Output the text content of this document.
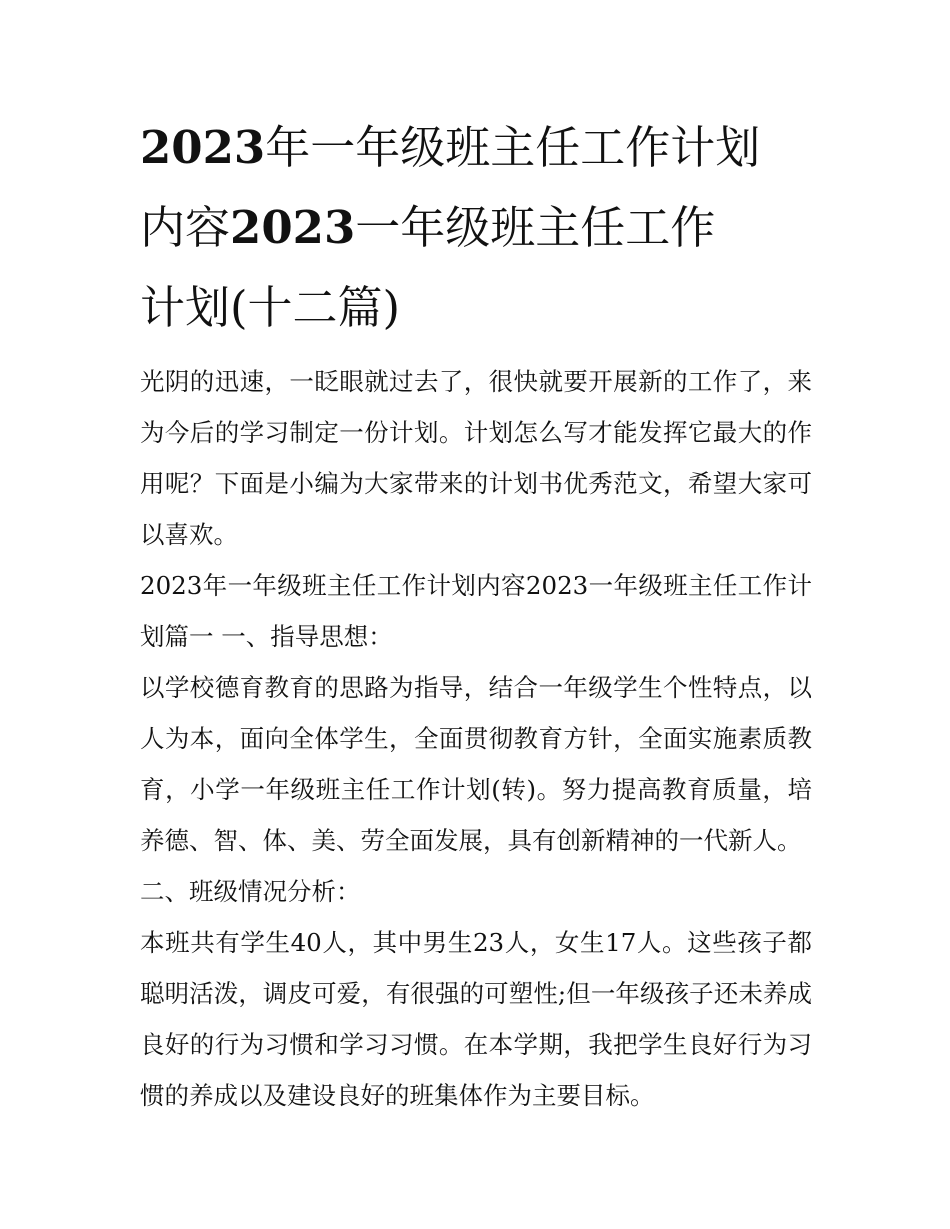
2023年一年级班主任工作计划
内容2023一年级班主任工作
计划(十二篇)

光阴的迅速，一眨眼就过去了，很快就要开展新的工作了，来为今后的学习制定一份计划。计划怎么写才能发挥它最大的作用呢？下面是小编为大家带来的计划书优秀范文，希望大家可以喜欢。

2023年一年级班主任工作计划内容2023一年级班主任工作计划篇一 一、指导思想：

以学校德育教育的思路为指导，结合一年级学生个性特点，以人为本，面向全体学生，全面贯彻教育方针，全面实施素质教育，小学一年级班主任工作计划(转)。努力提高教育质量，培养德、智、体、美、劳全面发展，具有创新精神的一代新人。

二、班级情况分析：

本班共有学生40人，其中男生23人，女生17人。这些孩子都聪明活泼，调皮可爱，有很强的可塑性;但一年级孩子还未养成良好的行为习惯和学习习惯。在本学期，我把学生良好行为习惯的养成以及建设良好的班集体作为主要目标。
